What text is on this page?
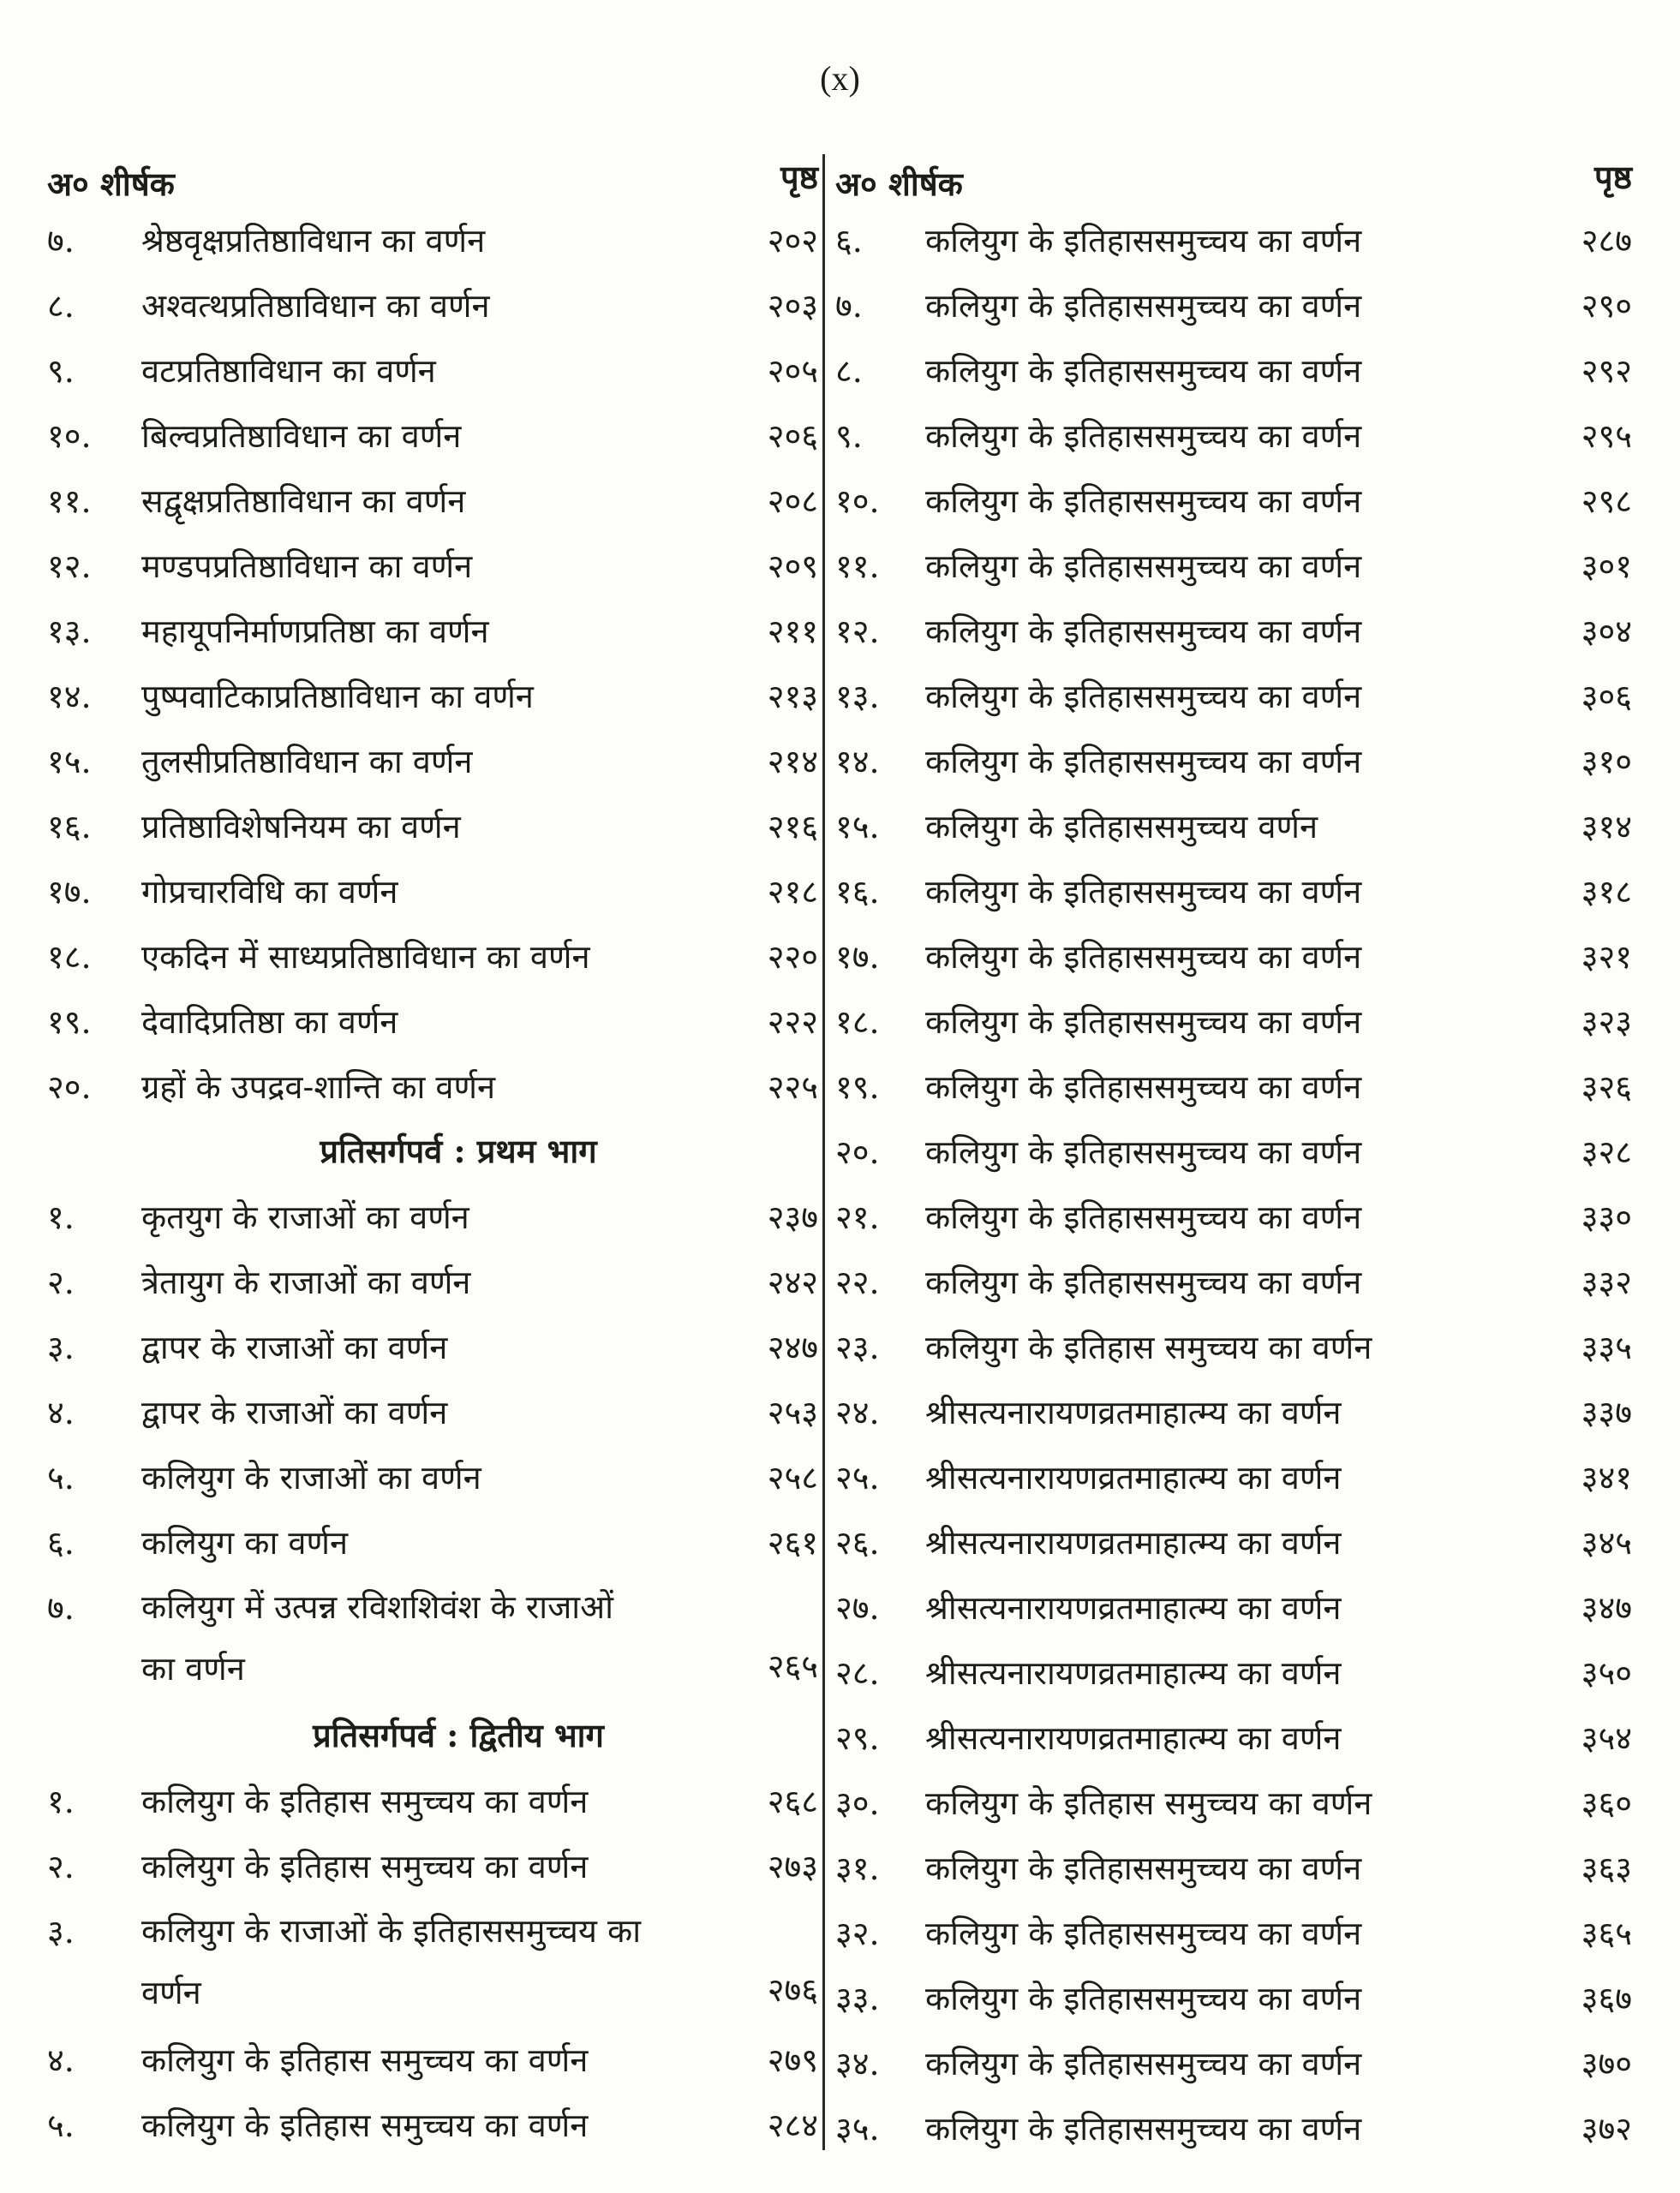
(x)
अ० शीर्षक	पृष्ठ
७.	श्रेष्ठवृक्षप्रतिष्ठाविधान का वर्णन	२०२
८.	अश्वत्थप्रतिष्ठाविधान का वर्णन	२०३
९.	वटप्रतिष्ठाविधान का वर्णन	२०५
१०.	बिल्वप्रतिष्ठाविधान का वर्णन	२०६
११.	सद्वृक्षप्रतिष्ठाविधान का वर्णन	२०८
१२.	मण्डपप्रतिष्ठाविधान का वर्णन	२०९
१३.	महायूपनिर्माणप्रतिष्ठा का वर्णन	२११
१४.	पुष्पवाटिकाप्रतिष्ठाविधान का वर्णन	२१३
१५.	तुलसीप्रतिष्ठाविधान का वर्णन	२१४
१६.	प्रतिष्ठाविशेषनियम का वर्णन	२१६
१७.	गोप्रचारविधि का वर्णन	२१८
१८.	एकदिन में साध्यप्रतिष्ठाविधान का वर्णन	२२०
१९.	देवादिप्रतिष्ठा का वर्णन	२२२
२०.	ग्रहों के उपद्रव-शान्ति का वर्णन	२२५
प्रतिसर्गपर्व : प्रथम भाग
१.	कृतयुग के राजाओं का वर्णन	२३७
२.	त्रेतायुग के राजाओं का वर्णन	२४२
३.	द्वापर के राजाओं का वर्णन	२४७
४.	द्वापर के राजाओं का वर्णन	२५३
५.	कलियुग के राजाओं का वर्णन	२५८
६.	कलियुग का वर्णन	२६१
७.	कलियुग में उत्पन्न रविशशिवंश के राजाओं का वर्णन	२६५
प्रतिसर्गपर्व : द्वितीय भाग
१.	कलियुग के इतिहास समुच्चय का वर्णन	२६८
२.	कलियुग के इतिहास समुच्चय का वर्णन	२७३
३.	कलियुग के राजाओं के इतिहाससमुच्चय का वर्णन	२७६
४.	कलियुग के इतिहास समुच्चय का वर्णन	२७९
५.	कलियुग के इतिहास समुच्चय का वर्णन	२८४
अ० शीर्षक	पृष्ठ
६.	कलियुग के इतिहाससमुच्चय का वर्णन	२८७
७.	कलियुग के इतिहाससमुच्चय का वर्णन	२९०
८.	कलियुग के इतिहाससमुच्चय का वर्णन	२९२
९.	कलियुग के इतिहाससमुच्चय का वर्णन	२९५
१०.	कलियुग के इतिहाससमुच्चय का वर्णन	२९८
११.	कलियुग के इतिहाससमुच्चय का वर्णन	३०१
१२.	कलियुग के इतिहाससमुच्चय का वर्णन	३०४
१३.	कलियुग के इतिहाससमुच्चय का वर्णन	३०६
१४.	कलियुग के इतिहाससमुच्चय का वर्णन	३१०
१५.	कलियुग के इतिहाससमुच्चय वर्णन	३१४
१६.	कलियुग के इतिहाससमुच्चय का वर्णन	३१८
१७.	कलियुग के इतिहाससमुच्चय का वर्णन	३२१
१८.	कलियुग के इतिहाससमुच्चय का वर्णन	३२३
१९.	कलियुग के इतिहाससमुच्चय का वर्णन	३२६
२०.	कलियुग के इतिहाससमुच्चय का वर्णन	३२८
२१.	कलियुग के इतिहाससमुच्चय का वर्णन	३३०
२२.	कलियुग के इतिहाससमुच्चय का वर्णन	३३२
२३.	कलियुग के इतिहास समुच्चय का वर्णन	३३५
२४.	श्रीसत्यनारायणव्रतमाहात्म्य का वर्णन	३३७
२५.	श्रीसत्यनारायणव्रतमाहात्म्य का वर्णन	३४१
२६.	श्रीसत्यनारायणव्रतमाहात्म्य का वर्णन	३४५
२७.	श्रीसत्यनारायणव्रतमाहात्म्य का वर्णन	३४७
२८.	श्रीसत्यनारायणव्रतमाहात्म्य का वर्णन	३५०
२९.	श्रीसत्यनारायणव्रतमाहात्म्य का वर्णन	३५४
३०.	कलियुग के इतिहास समुच्चय का वर्णन	३६०
३१.	कलियुग के इतिहाससमुच्चय का वर्णन	३६३
३२.	कलियुग के इतिहाससमुच्चय का वर्णन	३६५
३३.	कलियुग के इतिहाससमुच्चय का वर्णन	३६७
३४.	कलियुग के इतिहाससमुच्चय का वर्णन	३७०
३५.	कलियुग के इतिहाससमुच्चय का वर्णन	३७२
